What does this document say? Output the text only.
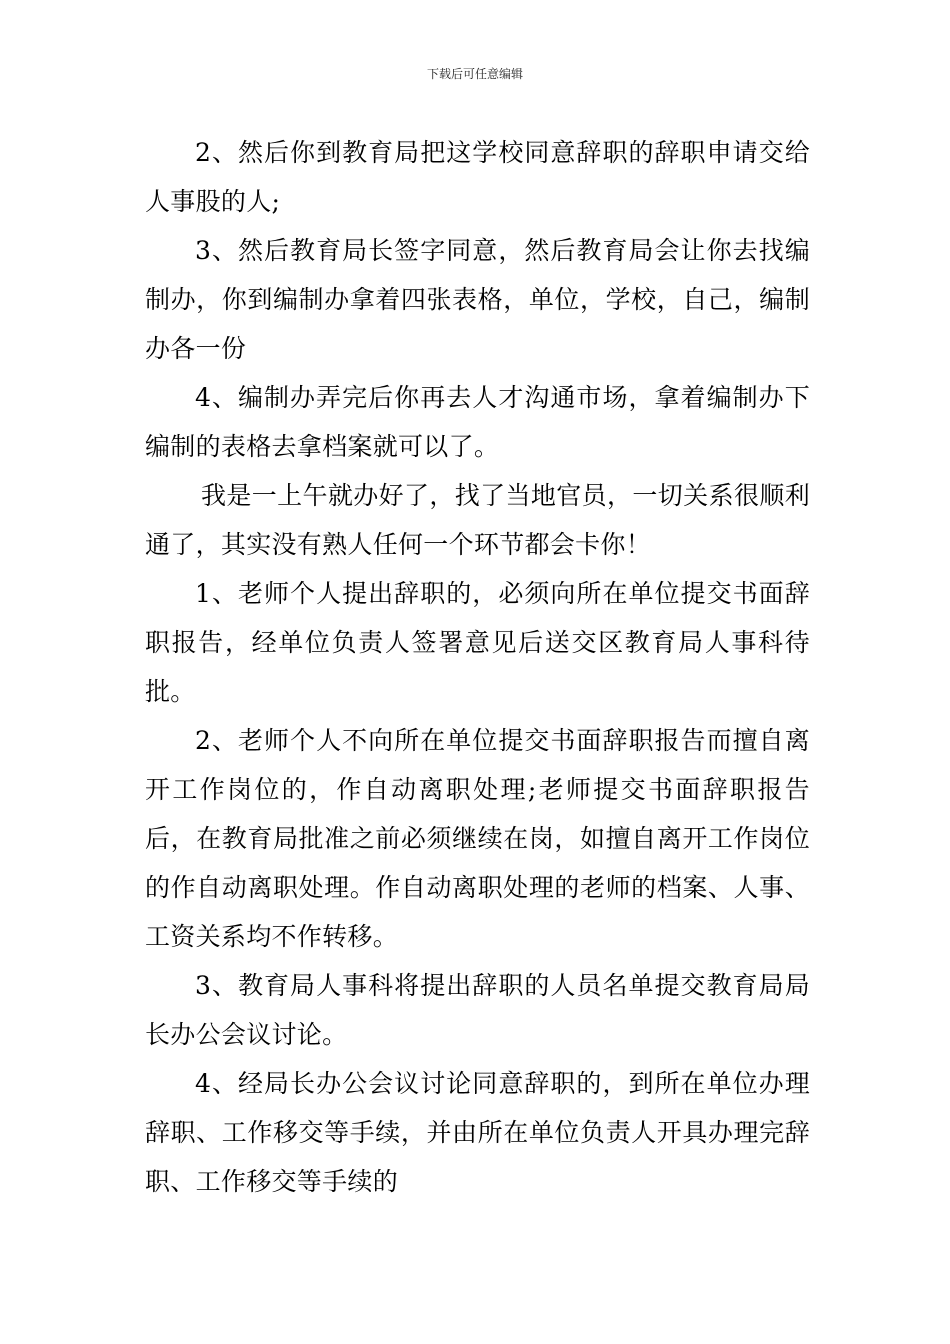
下载后可任意编辑

2、然后你到教育局把这学校同意辞职的辞职申请交给人事股的人;

3、然后教育局长签字同意，然后教育局会让你去找编制办，你到编制办拿着四张表格，单位，学校，自己，编制办各一份

4、编制办弄完后你再去人才沟通市场，拿着编制办下编制的表格去拿档案就可以了。

我是一上午就办好了，找了当地官员，一切关系很顺利通了，其实没有熟人任何一个环节都会卡你！

1、老师个人提出辞职的，必须向所在单位提交书面辞职报告，经单位负责人签署意见后送交区教育局人事科待批。

2、老师个人不向所在单位提交书面辞职报告而擅自离开工作岗位的，作自动离职处理;老师提交书面辞职报告后，在教育局批准之前必须继续在岗，如擅自离开工作岗位的作自动离职处理。作自动离职处理的老师的档案、人事、工资关系均不作转移。

3、教育局人事科将提出辞职的人员名单提交教育局局长办公会议讨论。

4、经局长办公会议讨论同意辞职的，到所在单位办理辞职、工作移交等手续，并由所在单位负责人开具办理完辞职、工作移交等手续的
